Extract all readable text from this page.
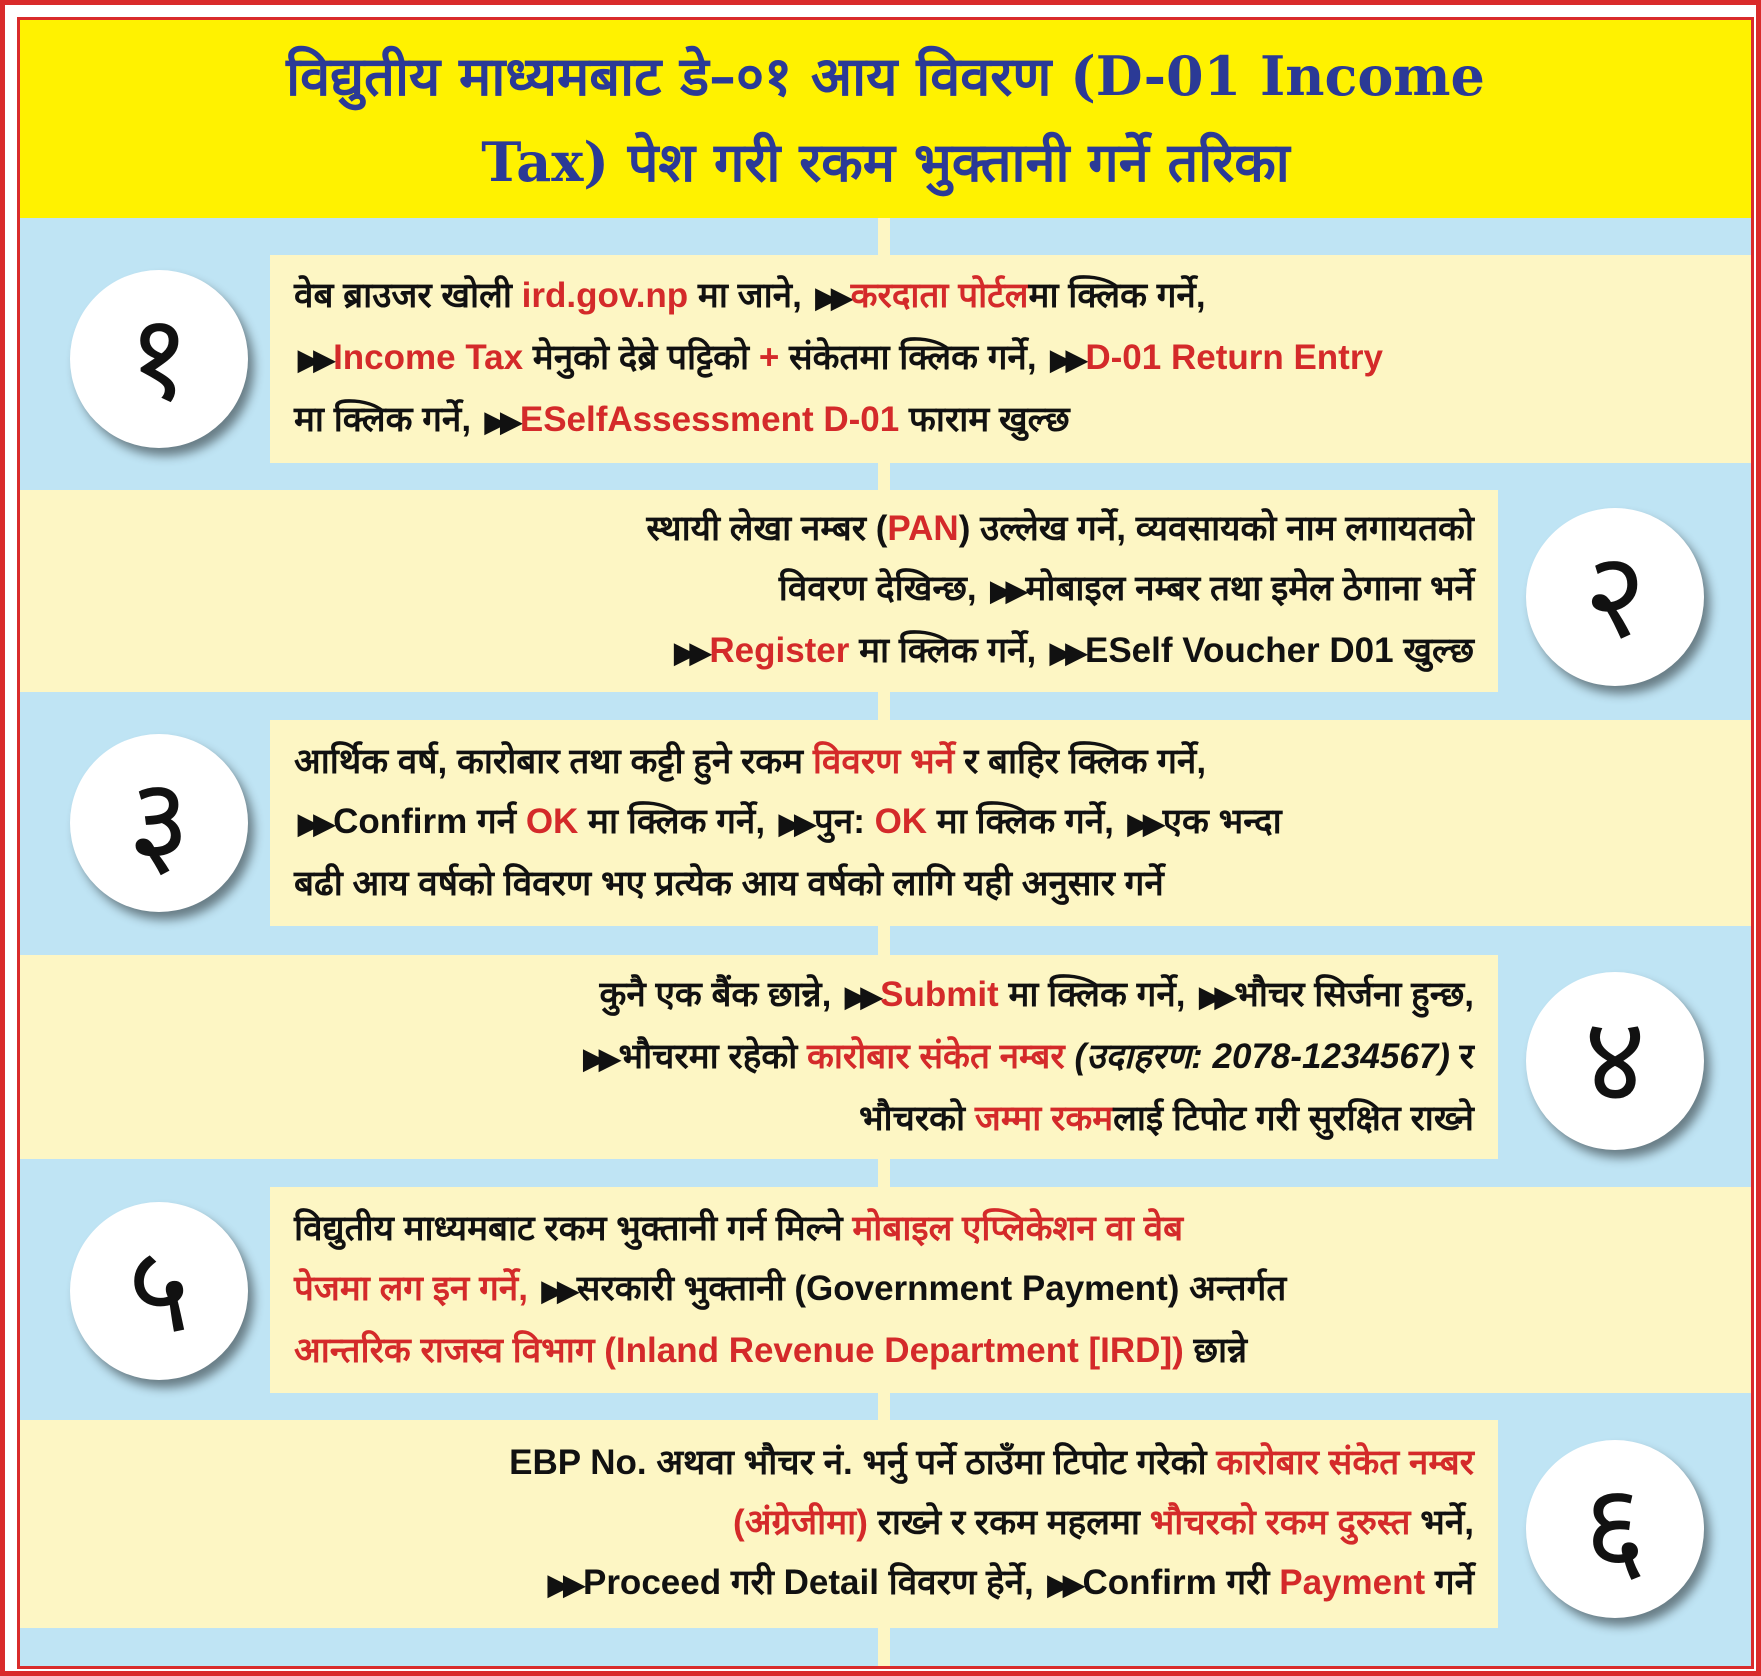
विद्युतीय माध्यमबाट डे–०१ आय विवरण (D-01 Income
Tax) पेश गरी रकम भुक्तानी गर्ने तरिका
वेब ब्राउजर खोली ird.gov.np मा जाने, ▶▶ करदाता पोर्टलमा क्लिक गर्ने,
▶▶ Income Tax मेनुको देब्रे पट्टिको + संकेतमा क्लिक गर्ने, ▶▶ D-01 Return Entry
मा क्लिक गर्ने, ▶▶ ESelfAssessment D-01 फाराम खुल्छ
१
स्थायी लेखा नम्बर (PAN) उल्लेख गर्ने, व्यवसायको नाम लगायतको
विवरण देखिन्छ, ▶▶ मोबाइल नम्बर तथा इमेल ठेगाना भर्ने
▶▶ Register मा क्लिक गर्ने, ▶▶ ESelf Voucher D01 खुल्छ २
आर्थिक वर्ष, कारोबार तथा कट्टी हुने रकम विवरण भर्ने र बाहिर क्लिक गर्ने,
▶▶ Confirm गर्न OK मा क्लिक गर्ने, ▶▶ पुन: OK मा क्लिक गर्ने, ▶▶ एक भन्दा
बढी आय वर्षको विवरण भए प्रत्येक आय वर्षको लागि यही अनुसार गर्ने
३
कुनै एक बैंक छान्ने, ▶▶ Submit मा क्लिक गर्ने, ▶▶ भौचर सिर्जना हुन्छ,
▶▶ भौचरमा रहेको कारोबार संकेत नम्बर (उदाहरण: 2078-1234567) र
भौचरको जम्मा रकमलाई टिपोट गरी सुरक्षित राख्ने ४
विद्युतीय माध्यमबाट रकम भुक्तानी गर्न मिल्ने मोबाइल एप्लिकेशन वा वेब
पेजमा लग इन गर्ने, ▶▶ सरकारी भुक्तानी (Government Payment) अन्तर्गत
आन्तरिक राजस्व विभाग (Inland Revenue Department [IRD]) छान्ने
५
EBP No. अथवा भौचर नं. भर्नु पर्ने ठाउँमा टिपोट गरेको कारोबार संकेत नम्बर
(अंग्रेजीमा) राख्ने र रकम महलमा भौचरको रकम दुरुस्त भर्ने,
▶▶ Proceed गरी Detail विवरण हेर्ने, ▶▶ Confirm गरी Payment गर्ने ६
